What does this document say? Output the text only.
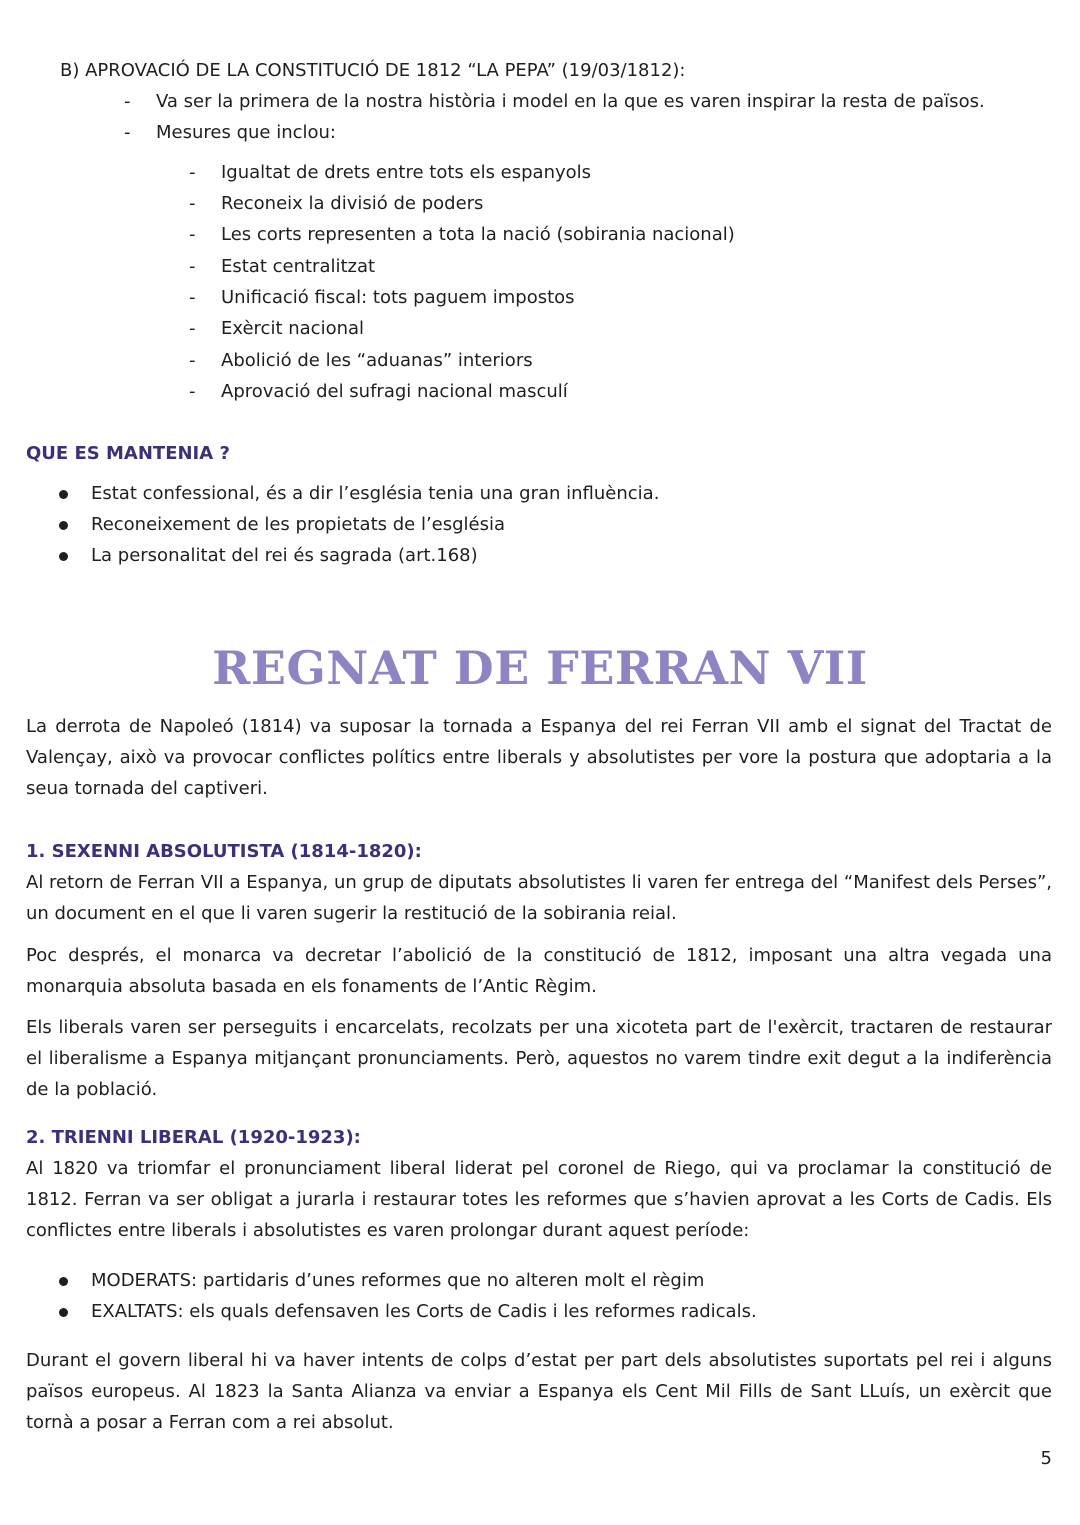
B) APROVACIÓ DE LA CONSTITUCIÓ DE 1812 “LA PEPA” (19/03/1812):
- Va ser la primera de la nostra història i model en la que es varen inspirar la resta de països.
- Mesures que inclou:
- Igualtat de drets entre tots els espanyols
- Reconeix la divisió de poders
- Les corts representen a tota la nació (sobirania nacional)
- Estat centralitzat
- Unificació fiscal: tots paguem impostos
- Exèrcit nacional
- Abolició de les “aduanas” interiors
- Aprovació del sufragi nacional masculí
QUE ES MANTENIA ?
Estat confessional, és a dir l’església tenia una gran influència.
Reconeixement de les propietats de l’església
La personalitat del rei és sagrada (art.168)
REGNAT DE FERRAN VII
La derrota de Napoleó (1814) va suposar la tornada a Espanya del rei Ferran VII amb el signat del Tractat de Valençay, això va provocar conflictes polítics entre liberals y absolutistes per vore la postura que adoptaria a la seua tornada del captiveri.
1. SEXENNI ABSOLUTISTA (1814-1820):
Al retorn de Ferran VII a Espanya, un grup de diputats absolutistes li varen fer entrega del “Manifest dels Perses”, un document en el que li varen sugerir la restitució de la sobirania reial.
Poc després, el monarca va decretar l’abolició de la constitució de 1812, imposant una altra vegada una monarquia absoluta basada en els fonaments de l’Antic Règim.
Els liberals varen ser perseguits i encarcelats, recolzats per una xicoteta part de l'exèrcit, tractaren de restaurar el liberalisme a Espanya mitjançant pronunciaments. Però, aquestos no varem tindre exit degut a la indiferència de la població.
2. TRIENNI LIBERAL (1920-1923):
Al 1820 va triomfar el pronunciament liberal liderat pel coronel de Riego, qui va proclamar la constitució de 1812. Ferran va ser obligat a jurarla i restaurar totes les reformes que s’havien aprovat a les Corts de Cadis. Els conflictes entre liberals i absolutistes es varen prolongar durant aquest període:
MODERATS: partidaris d’unes reformes que no alteren molt el règim
EXALTATS: els quals defensaven les Corts de Cadis i les reformes radicals.
Durant el govern liberal hi va haver intents de colps d’estat per part dels absolutistes suportats pel rei i alguns països europeus. Al 1823 la Santa Alianza va enviar a Espanya els Cent Mil Fills de Sant LLuís, un exèrcit que tornà a posar a Ferran com a rei absolut.
5
